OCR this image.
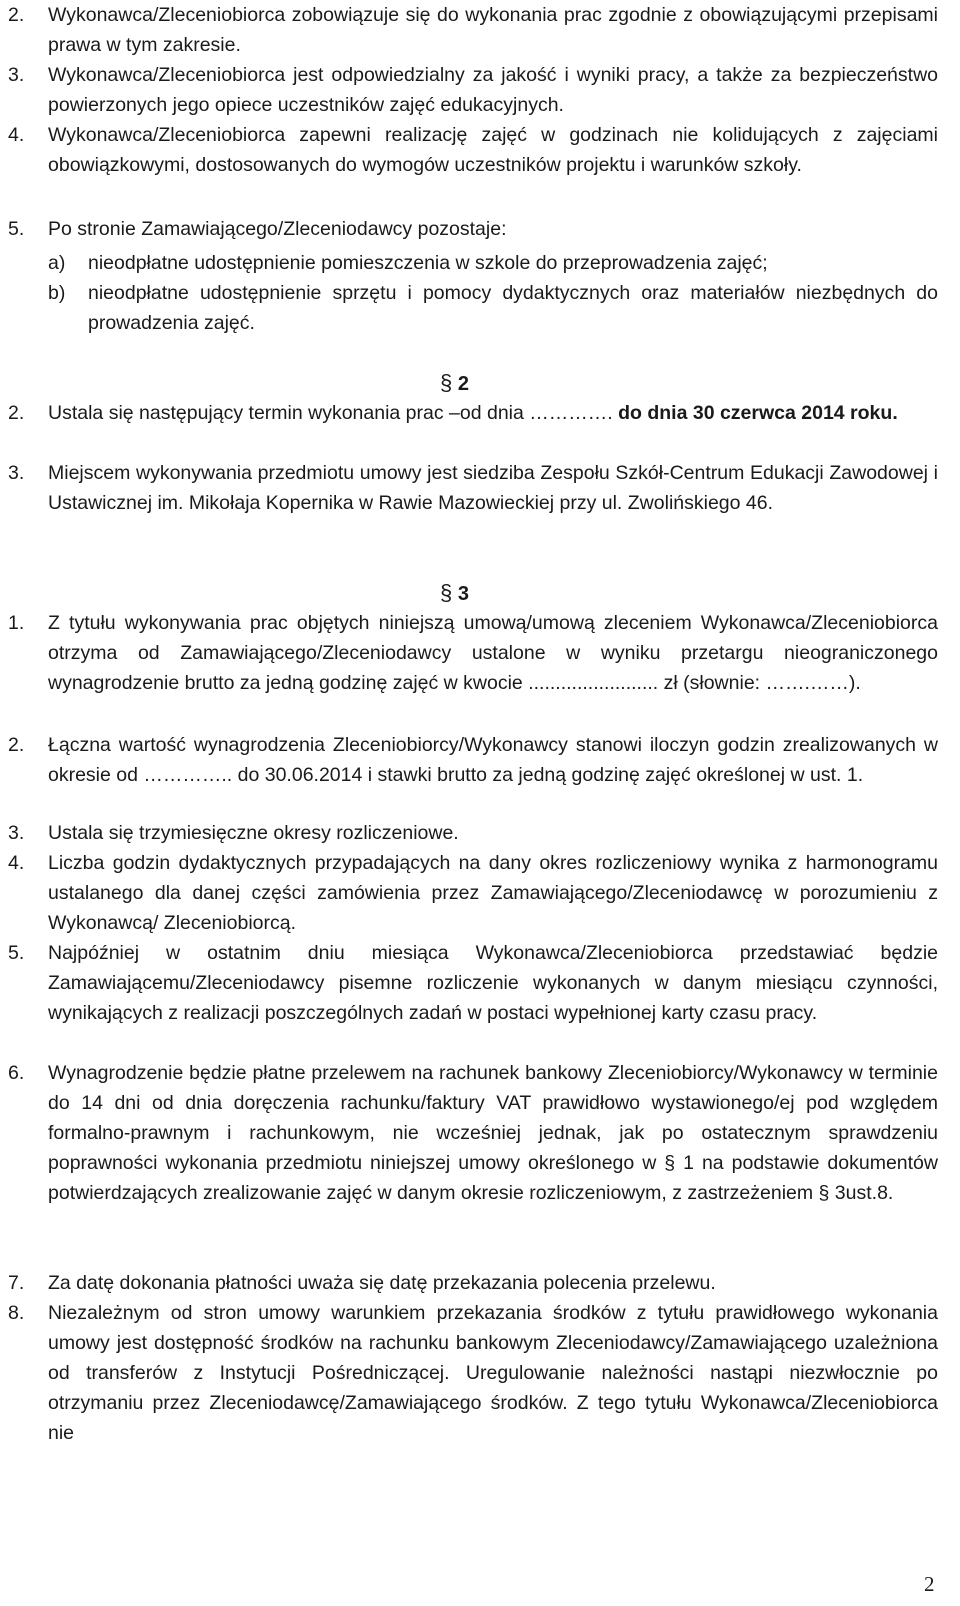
2. Wykonawca/Zleceniobiorca zobowiązuje się do wykonania prac zgodnie z obowiązującymi przepisami prawa w tym zakresie.
3. Wykonawca/Zleceniobiorca jest odpowiedzialny za jakość i wyniki pracy, a także za bezpieczeństwo powierzonych jego opiece uczestników zajęć edukacyjnych.
4. Wykonawca/Zleceniobiorca zapewni realizację zajęć w godzinach nie kolidujących z zajęciami obowiązkowymi, dostosowanych do wymogów uczestników projektu i warunków szkoły.
5. Po stronie Zamawiającego/Zleceniodawcy pozostaje:
a) nieodpłatne udostępnienie pomieszczenia w szkole do przeprowadzenia zajęć;
b) nieodpłatne udostępnienie sprzętu i pomocy dydaktycznych oraz materiałów niezbędnych do prowadzenia zajęć.
§ 2
2. Ustala się następujący termin wykonania prac –od dnia …………. do dnia 30 czerwca 2014 roku.
3. Miejscem wykonywania przedmiotu umowy jest siedziba Zespołu Szkół-Centrum Edukacji Zawodowej i Ustawicznej im. Mikołaja Kopernika w Rawie Mazowieckiej przy ul. Zwolińskiego 46.
§ 3
1. Z tytułu wykonywania prac objętych niniejszą umową/umową zleceniem Wykonawca/Zleceniobiorca otrzyma od Zamawiającego/Zleceniodawcy ustalone w wyniku przetargu nieograniczonego wynagrodzenie brutto za jedną godzinę zajęć w kwocie ........................ zł (słownie: …….……).
2. Łączna wartość wynagrodzenia Zleceniobiorcy/Wykonawcy stanowi iloczyn godzin zrealizowanych w okresie od ………….. do 30.06.2014 i stawki brutto za jedną godzinę zajęć określonej w ust. 1.
3. Ustala się trzymiesięczne okresy rozliczeniowe.
4. Liczba godzin dydaktycznych przypadających na dany okres rozliczeniowy wynika z harmonogramu ustalanego dla danej części zamówienia przez Zamawiającego/Zleceniodawcę w porozumieniu z Wykonawcą/ Zleceniobiorcą.
5. Najpóźniej w ostatnim dniu miesiąca Wykonawca/Zleceniobiorca przedstawiać będzie Zamawiającemu/Zleceniodawcy pisemne rozliczenie wykonanych w danym miesiącu czynności, wynikających z realizacji poszczególnych zadań w postaci wypełnionej karty czasu pracy.
6. Wynagrodzenie będzie płatne przelewem na rachunek bankowy Zleceniobiorcy/Wykonawcy w terminie do 14 dni od dnia doręczenia rachunku/faktury VAT prawidłowo wystawionego/ej pod względem formalno-prawnym i rachunkowym, nie wcześniej jednak, jak po ostatecznym sprawdzeniu poprawności wykonania przedmiotu niniejszej umowy określonego w § 1 na podstawie dokumentów potwierdzających zrealizowanie zajęć w danym okresie rozliczeniowym, z zastrzeżeniem § 3ust.8.
7. Za datę dokonania płatności uważa się datę przekazania polecenia przelewu.
8. Niezależnym od stron umowy warunkiem przekazania środków z tytułu prawidłowego wykonania umowy jest dostępność środków na rachunku bankowym Zleceniodawcy/Zamawiającego uzależniona od transferów z Instytucji Pośredniczącej. Uregulowanie należności nastąpi niezwłocznie po otrzymaniu przez Zleceniodawcę/Zamawiającego środków. Z tego tytułu Wykonawca/Zleceniobiorca nie
2
